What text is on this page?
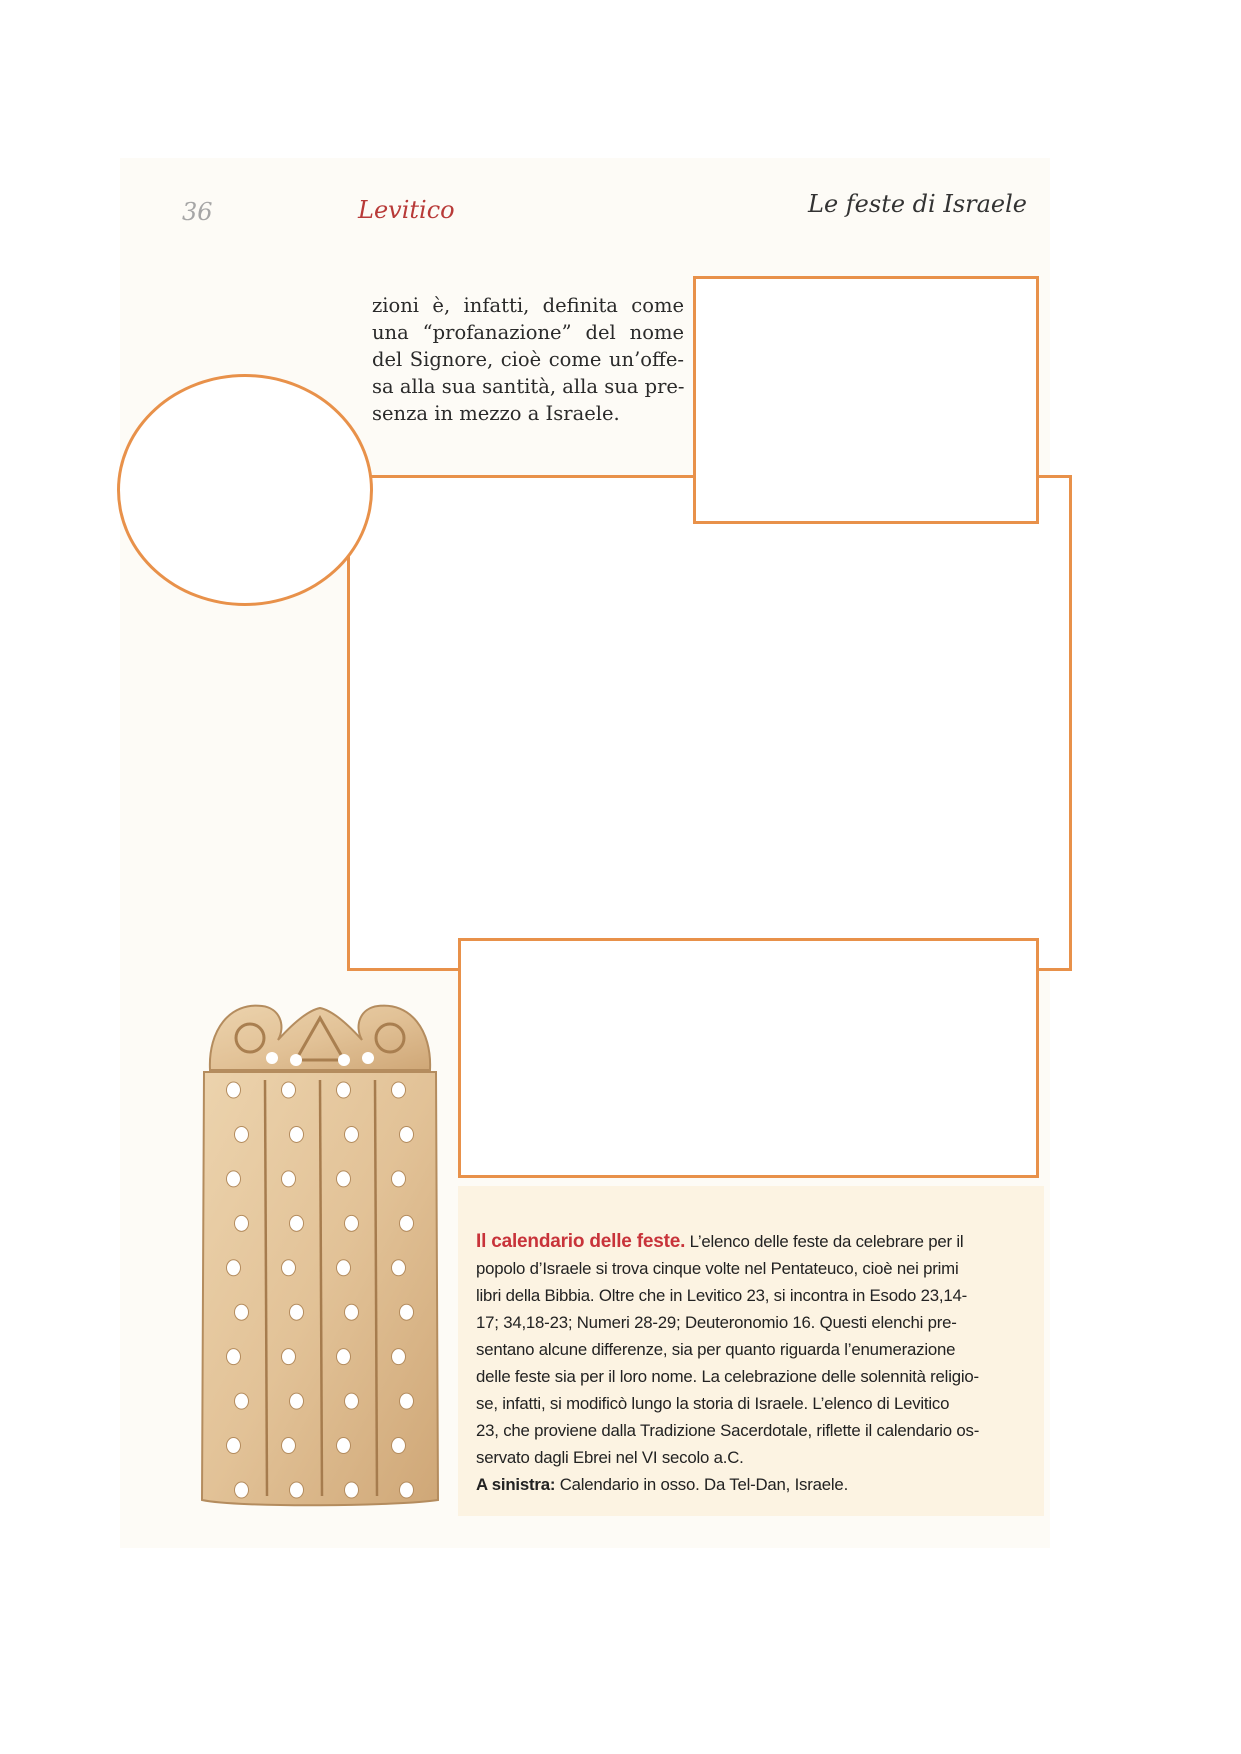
36	Levitico	Le feste di Israele

zioni è, infatti, definita come
una “profanazione” del nome
del Signore, cioè come un’offe-
sa alla sua santità, alla sua pre-
senza in mezzo a Israele.

Il calendario delle feste. L’elenco delle feste da celebrare per il
popolo d’Israele si trova cinque volte nel Pentateuco, cioè nei primi
libri della Bibbia. Oltre che in Levitico 23, si incontra in Esodo 23,14-
17; 34,18-23; Numeri 28-29; Deuteronomio 16. Questi elenchi pre-
sentano alcune differenze, sia per quanto riguarda l’enumerazione
delle feste sia per il loro nome. La celebrazione delle solennità religio-
se, infatti, si modificò lungo la storia di Israele. L’elenco di Levitico
23, che proviene dalla Tradizione Sacerdotale, riflette il calendario os-
servato dagli Ebrei nel VI secolo a.C.
A sinistra: Calendario in osso. Da Tel-Dan, Israele.
